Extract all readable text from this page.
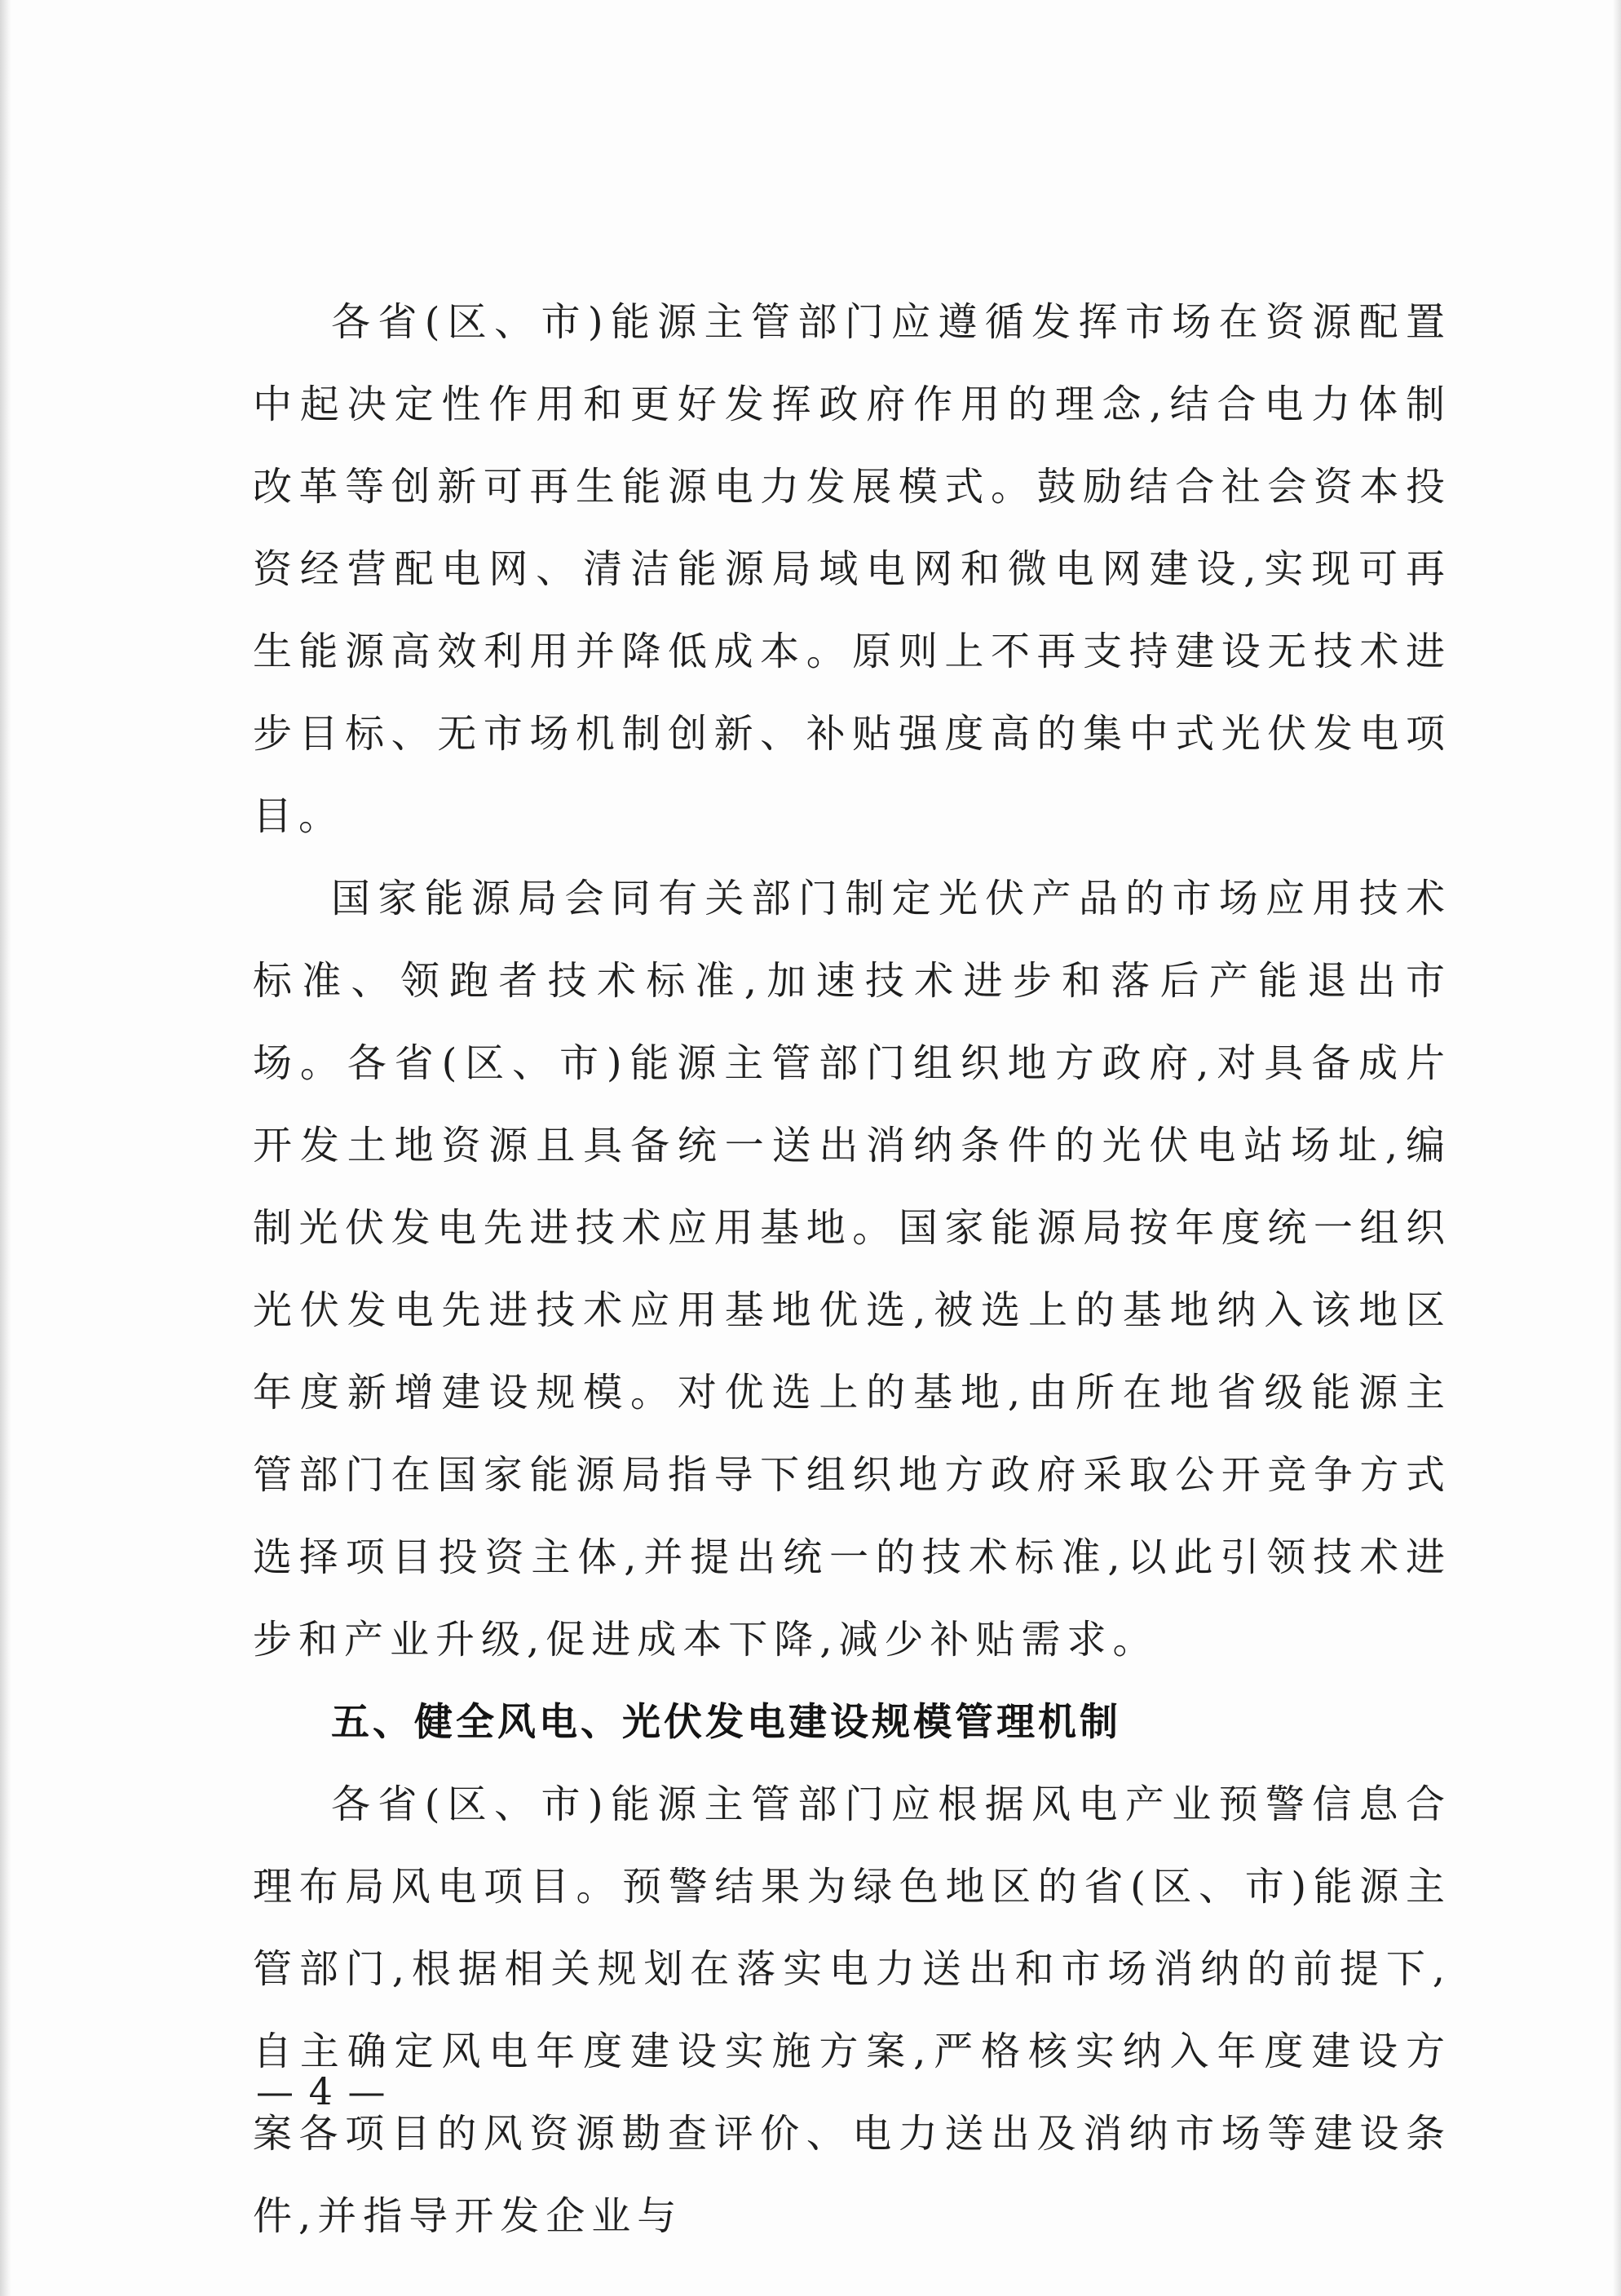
各省(区、市)能源主管部门应遵循发挥市场在资源配置中起决定性作用和更好发挥政府作用的理念,结合电力体制改革等创新可再生能源电力发展模式。鼓励结合社会资本投资经营配电网、清洁能源局域电网和微电网建设,实现可再生能源高效利用并降低成本。原则上不再支持建设无技术进步目标、无市场机制创新、补贴强度高的集中式光伏发电项目。

国家能源局会同有关部门制定光伏产品的市场应用技术标准、领跑者技术标准,加速技术进步和落后产能退出市场。各省(区、市)能源主管部门组织地方政府,对具备成片开发土地资源且具备统一送出消纳条件的光伏电站场址,编制光伏发电先进技术应用基地。国家能源局按年度统一组织光伏发电先进技术应用基地优选,被选上的基地纳入该地区年度新增建设规模。对优选上的基地,由所在地省级能源主管部门在国家能源局指导下组织地方政府采取公开竞争方式选择项目投资主体,并提出统一的技术标准,以此引领技术进步和产业升级,促进成本下降,减少补贴需求。

五、健全风电、光伏发电建设规模管理机制

各省(区、市)能源主管部门应根据风电产业预警信息合理布局风电项目。预警结果为绿色地区的省(区、市)能源主管部门,根据相关规划在落实电力送出和市场消纳的前提下,自主确定风电年度建设实施方案,严格核实纳入年度建设方案各项目的风资源勘查评价、电力送出及消纳市场等建设条件,并指导开发企业与

— 4 —
